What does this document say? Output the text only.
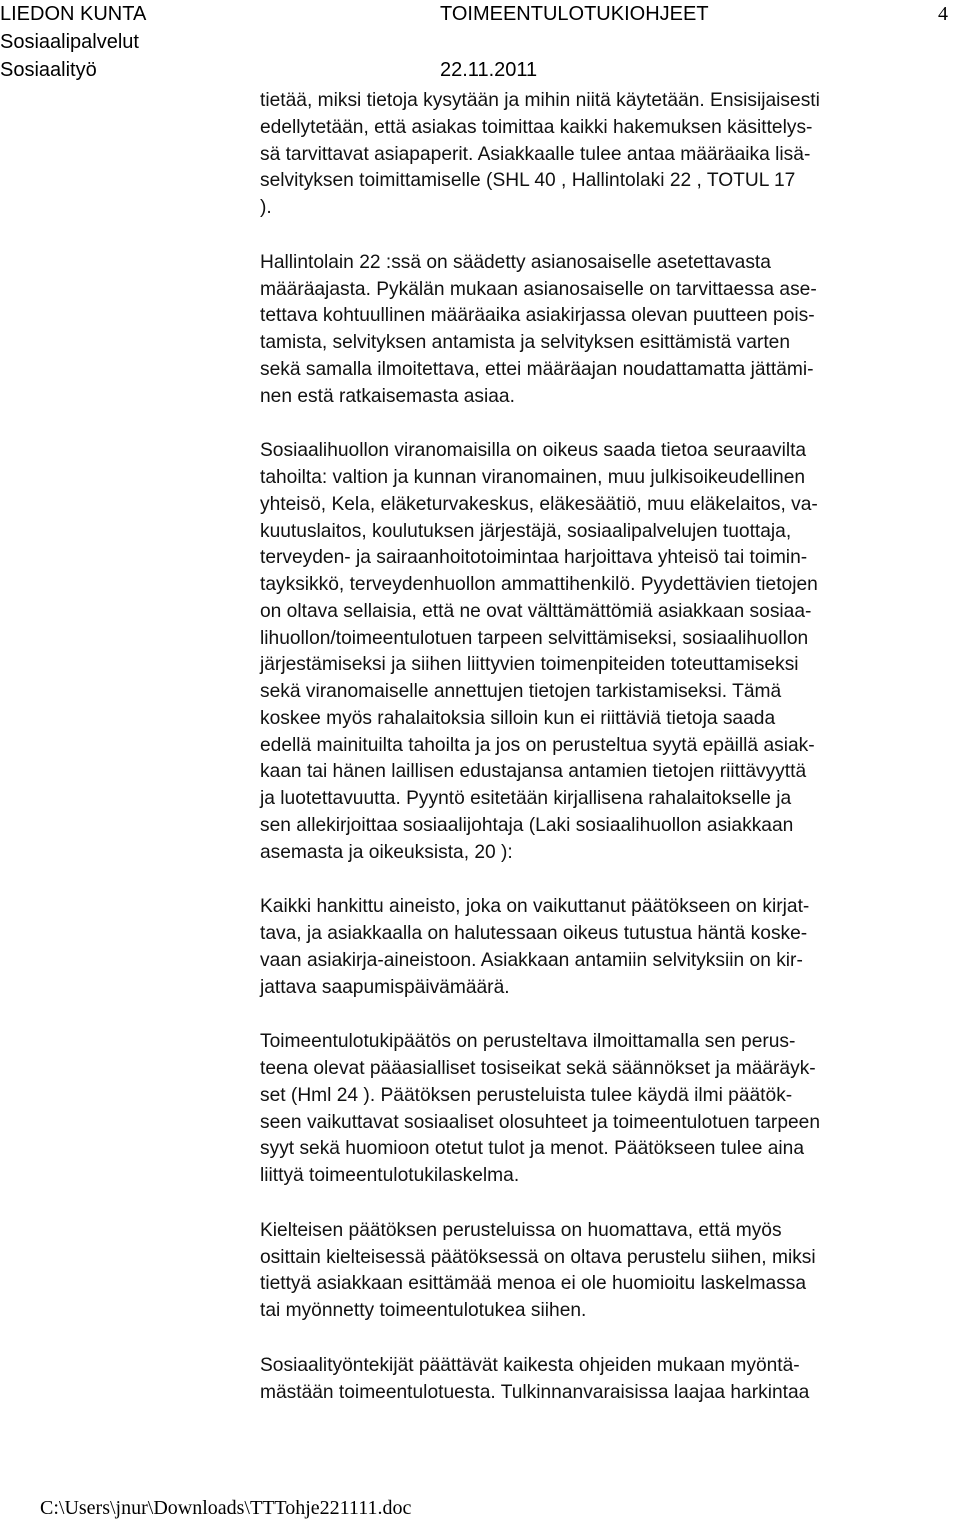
LIEDON KUNTA
Sosiaalipalvelut
Sosiaalityö
TOIMEENTULOTUKIOHJEET
22.11.2011
4
tietää, miksi tietoja kysytään ja mihin niitä käytetään. Ensisijaisesti
edellytetään, että asiakas toimittaa kaikki hakemuksen käsittelys-
sä tarvittavat asiapaperit. Asiakkaalle tulee antaa määräaika lisä-
selvityksen toimittamiselle (SHL 40 , Hallintolaki 22 , TOTUL 17
).
Hallintolain 22 :ssä on säädetty asianosaiselle asetettavasta
määräajasta. Pykälän mukaan asianosaiselle on tarvittaessa ase-
tettava kohtuullinen määräaika asiakirjassa olevan puutteen pois-
tamista, selvityksen antamista ja selvityksen esittämistä varten
sekä samalla ilmoitettava, ettei määräajan noudattamatta jättämi-
nen estä ratkaisemasta asiaa.
Sosiaalihuollon viranomaisilla on oikeus saada tietoa seuraavilta
tahoilta: valtion ja kunnan viranomainen, muu julkisoikeudellinen
yhteisö, Kela, eläketurvakeskus, eläkesäätiö, muu eläkelaitos, va-
kuutuslaitos, koulutuksen järjestäjä, sosiaalipalvelujen tuottaja,
terveyden- ja sairaanhoitotoimintaa harjoittava yhteisö tai toimin-
tayksikkö, terveydenhuollon ammattihenkilö. Pyydettävien tietojen
on oltava sellaisia, että ne ovat välttämättömiä asiakkaan sosiaa-
lihuollon/toimeentulotuen tarpeen selvittämiseksi, sosiaalihuollon
järjestämiseksi ja siihen liittyvien toimenpiteiden toteuttamiseksi
sekä viranomaiselle annettujen tietojen tarkistamiseksi. Tämä
koskee myös rahalaitoksia silloin kun ei riittäviä tietoja saada
edellä mainituilta tahoilta ja jos on perusteltua syytä epäillä asiak-
kaan tai hänen laillisen edustajansa antamien tietojen riittävyyttä
ja luotettavuutta. Pyyntö esitetään kirjallisena rahalaitokselle ja
sen allekirjoittaa sosiaalijohtaja (Laki sosiaalihuollon asiakkaan
asemasta ja oikeuksista, 20 ):
Kaikki hankittu aineisto, joka on vaikuttanut päätökseen on kirjat-
tava, ja asiakkaalla on halutessaan oikeus tutustua häntä koske-
vaan asiakirja-aineistoon. Asiakkaan antamiin selvityksiin on kir-
jattava saapumispäivämäärä.
Toimeentulotukipäätös on perusteltava ilmoittamalla sen perus-
teena olevat pääasialliset tosiseikat sekä säännökset ja määräyk-
set (Hml 24 ). Päätöksen perusteluista tulee käydä ilmi päätök-
seen vaikuttavat sosiaaliset olosuhteet ja toimeentulotuen tarpeen
syyt sekä huomioon otetut tulot ja menot. Päätökseen tulee aina
liittyä toimeentulotukilaskelma.
Kielteisen päätöksen perusteluissa on huomattava, että myös
osittain kielteisessä päätöksessä on oltava perustelu siihen, miksi
tiettyä asiakkaan esittämää menoa ei ole huomioitu laskelmassa
tai myönnetty toimeentulotukea siihen.
Sosiaalityöntekijät päättävät kaikesta ohjeiden mukaan myöntä-
mästään toimeentulotuesta. Tulkinnanvaraisissa laajaa harkintaa
C:\Users\jnur\Downloads\TTTohje221111.doc
